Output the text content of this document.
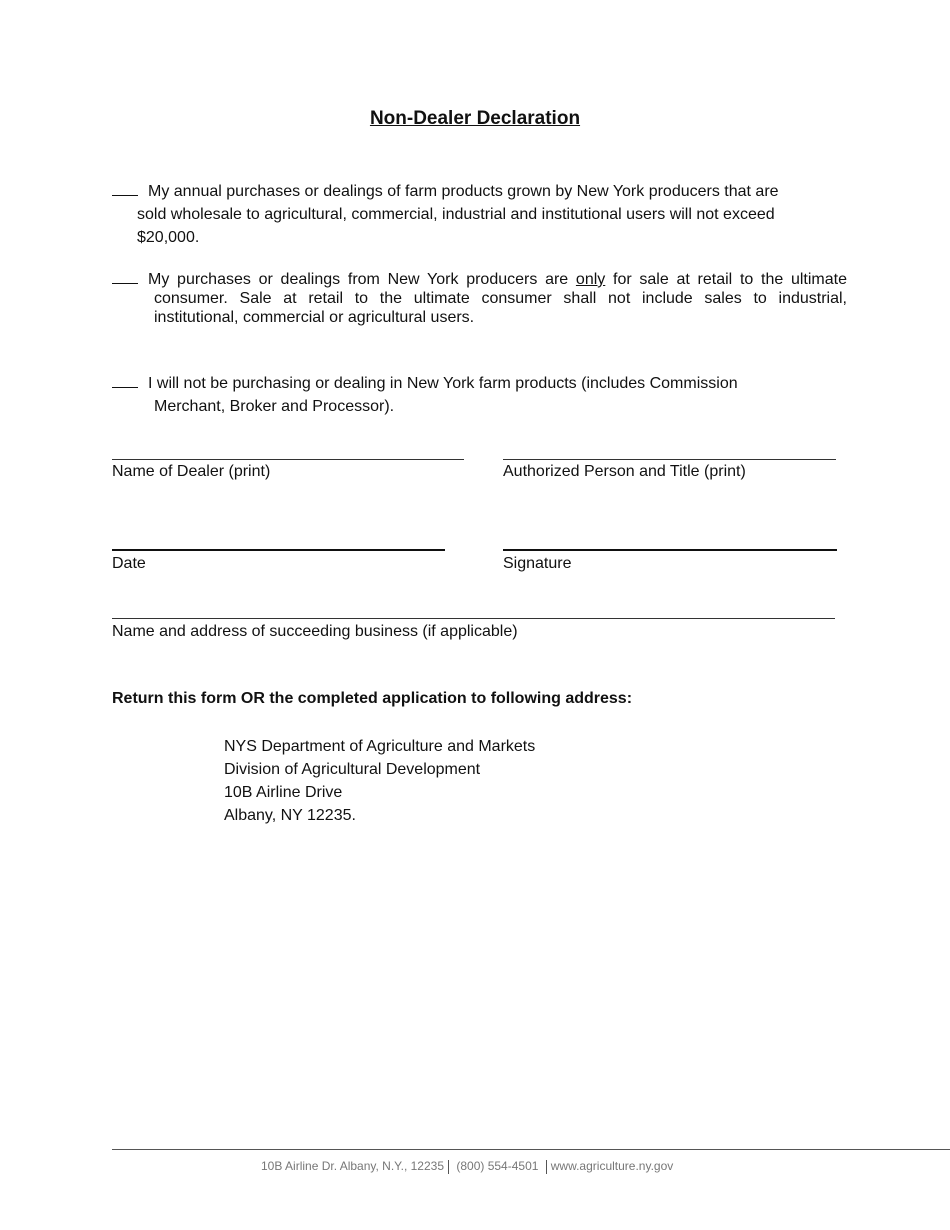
Non-Dealer Declaration
My annual purchases or dealings of farm products grown by New York producers that are
sold wholesale to agricultural, commercial, industrial and institutional users will not exceed
$20,000.
My purchases or dealings from New York producers are only for sale at retail to the ultimate
consumer. Sale at retail to the ultimate consumer shall not include sales to industrial,
institutional, commercial or agricultural users.
I will not be purchasing or dealing in New York farm products (includes Commission
Merchant, Broker and Processor).
Name of Dealer (print)	Authorized Person and Title (print)
Date	Signature
Name and address of succeeding business (if applicable)
Return this form OR the completed application to following address:
NYS Department of Agriculture and Markets
Division of Agricultural Development
10B Airline Drive
Albany, NY 12235.
10B Airline Dr. Albany, N.Y., 12235 (800) 554-4501 www.agriculture.ny.gov
